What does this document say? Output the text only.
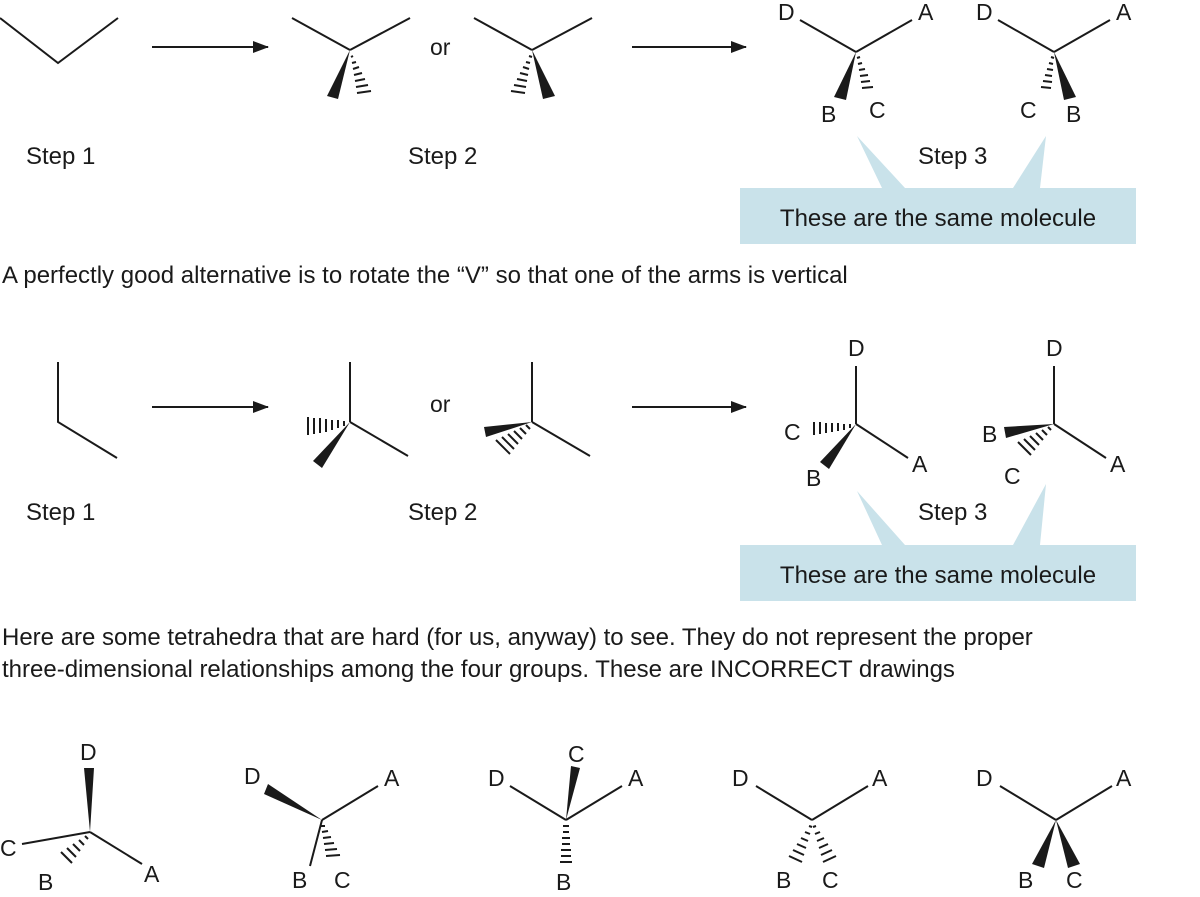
or
D	A
B C
D	A
C B
Step 1	Step 2	Step 3
These are the same molecule
A perfectly good alternative is to rotate the “V” so that one of the arms is vertical
or
D
C
B
A
D
B
C	A
Step 1	Step 2	Step 3
These are the same molecule
Here are some tetrahedra that are hard (for us, anyway) to see. They do not represent the proper
three-dimensional relationships among the four groups. These are INCORRECT drawings
D
C
B	A
D	A
B C
C
D	A
B
D	A
B C
D	A
B C
